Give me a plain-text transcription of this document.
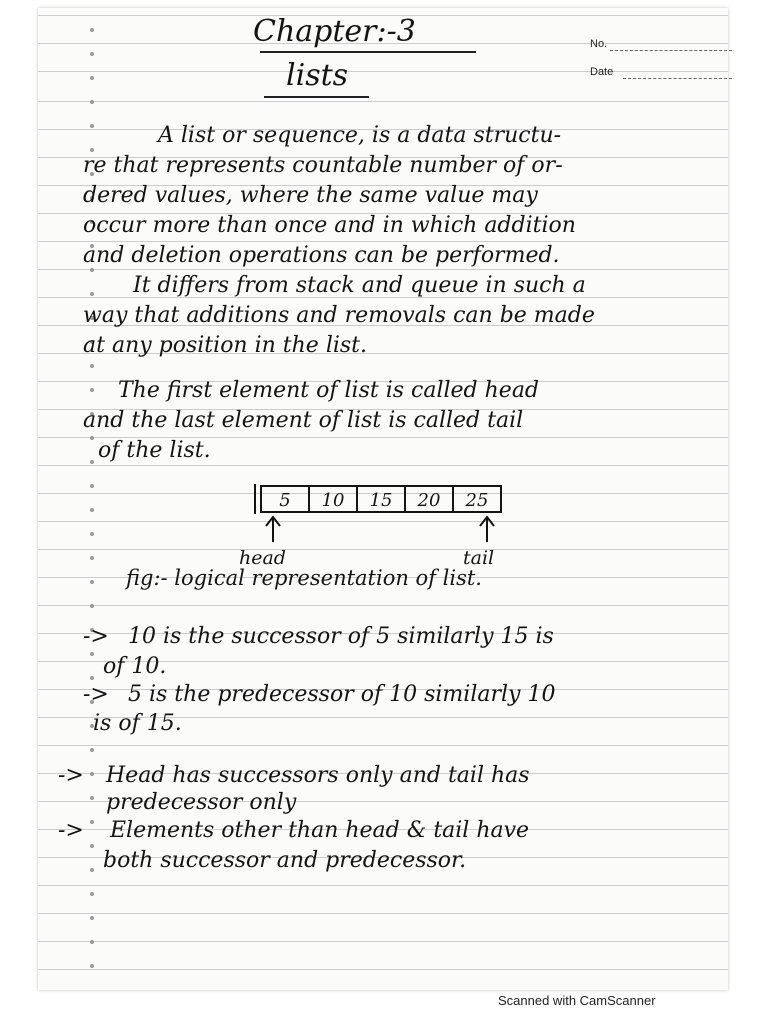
Chapter:-3
lists
No.
Date
A list or sequence, is a data structu-
re that represents countable number of or-
dered values, where the same value may
occur more than once and in which addition
and deletion operations can be performed.
It differs from stack and queue in such a
way that additions and removals can be made
at any position in the list.
The first element of list is called head
and the last element of list is called tail
of the list.
5 10 15 20 25
head	tail
fig:- logical representation of list.
-> 10 is the successor of 5 similarly 15 is
of 10.
-> 5 is the predecessor of 10 similarly 10
is of 15.
-> Head has successors only and tail has
predecessor only
-> Elements other than head & tail have
both successor and predecessor.
Scanned with CamScanner
